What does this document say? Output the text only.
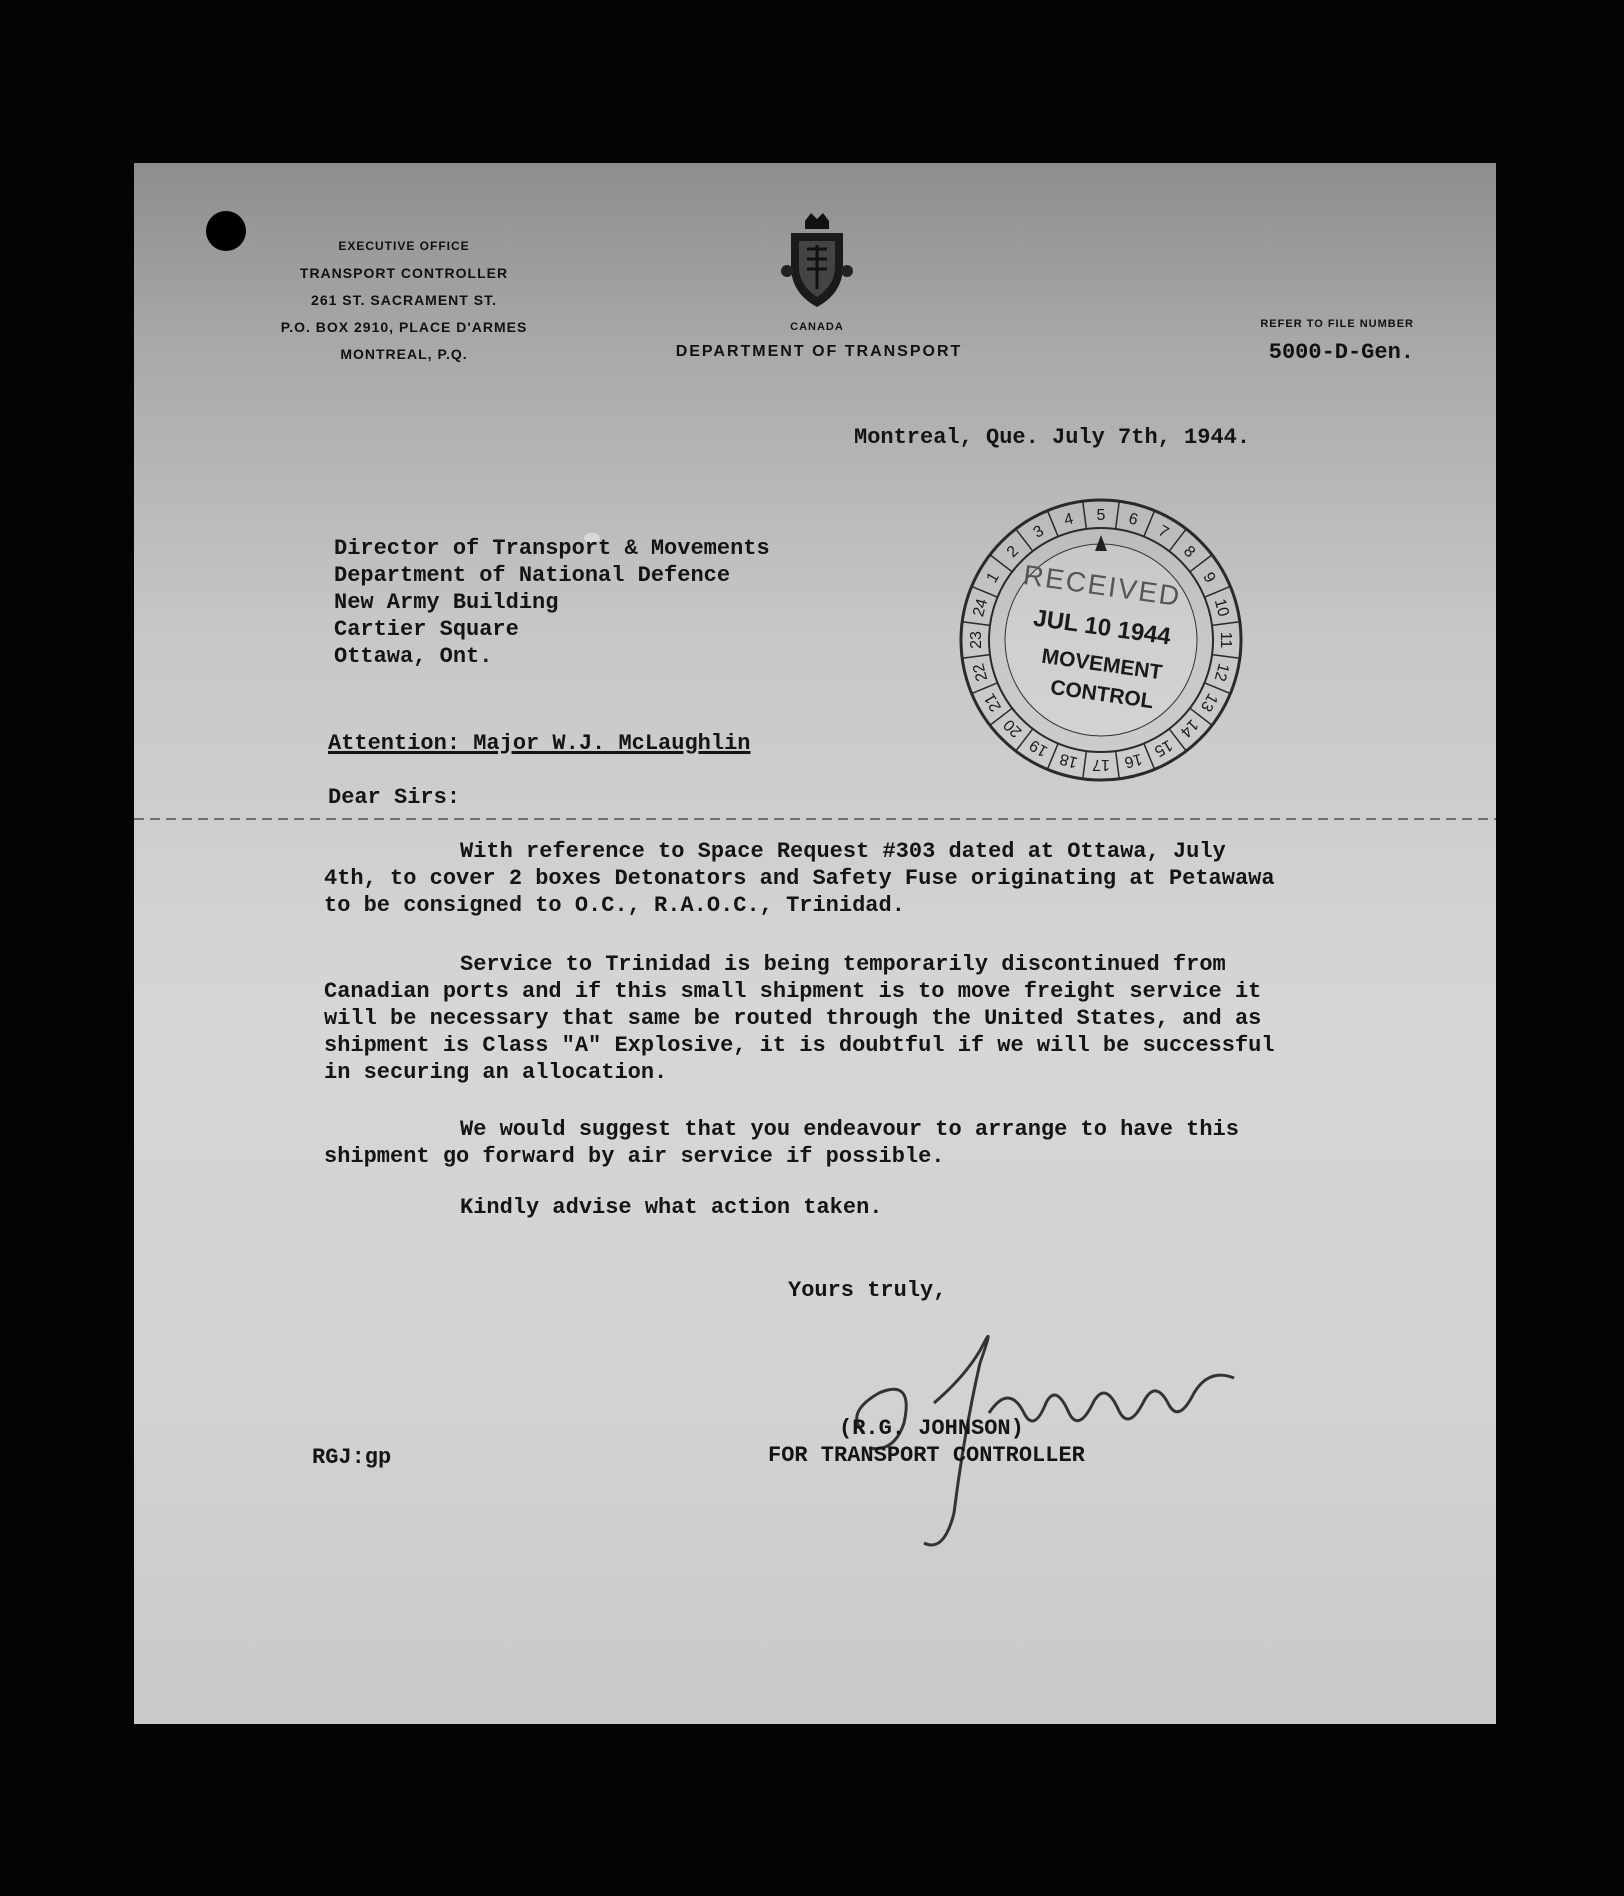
EXECUTIVE OFFICE
TRANSPORT CONTROLLER
261 ST. SACRAMENT ST.
P.O. BOX 2910, PLACE D'ARMES
MONTREAL, P.Q.
CANADA
DEPARTMENT OF TRANSPORT
REFER TO FILE NUMBER
5000-D-Gen.
Montreal, Que. July 7th, 1944.
Director of Transport & Movements
Department of National Defence
New Army Building
Cartier Square
Ottawa, Ont.
1
2
3
4 5 6
7
8
9
10
11
12
13
14
15
16
17
18
19
20
21
22
23
24 RECEIVED
JUL 10 1944
MOVEMENT
CONTROL
Attention: Major W.J. McLaughlin
Dear Sirs:

With reference to Space Request #303 dated at Ottawa, July 4th, to cover 2 boxes Detonators and Safety Fuse originating at Petawawa to be consigned to O.C., R.A.O.C., Trinidad.

Service to Trinidad is being temporarily discontinued from Canadian ports and if this small shipment is to move freight service it will be necessary that same be routed through the United States, and as shipment is Class "A" Explosive, it is doubtful if we will be successful in securing an allocation.

We would suggest that you endeavour to arrange to have this shipment go forward by air service if possible.

Kindly advise what action taken.
Yours truly,
(R.G. JOHNSON)
FOR TRANSPORT CONTROLLER
RGJ:gp
